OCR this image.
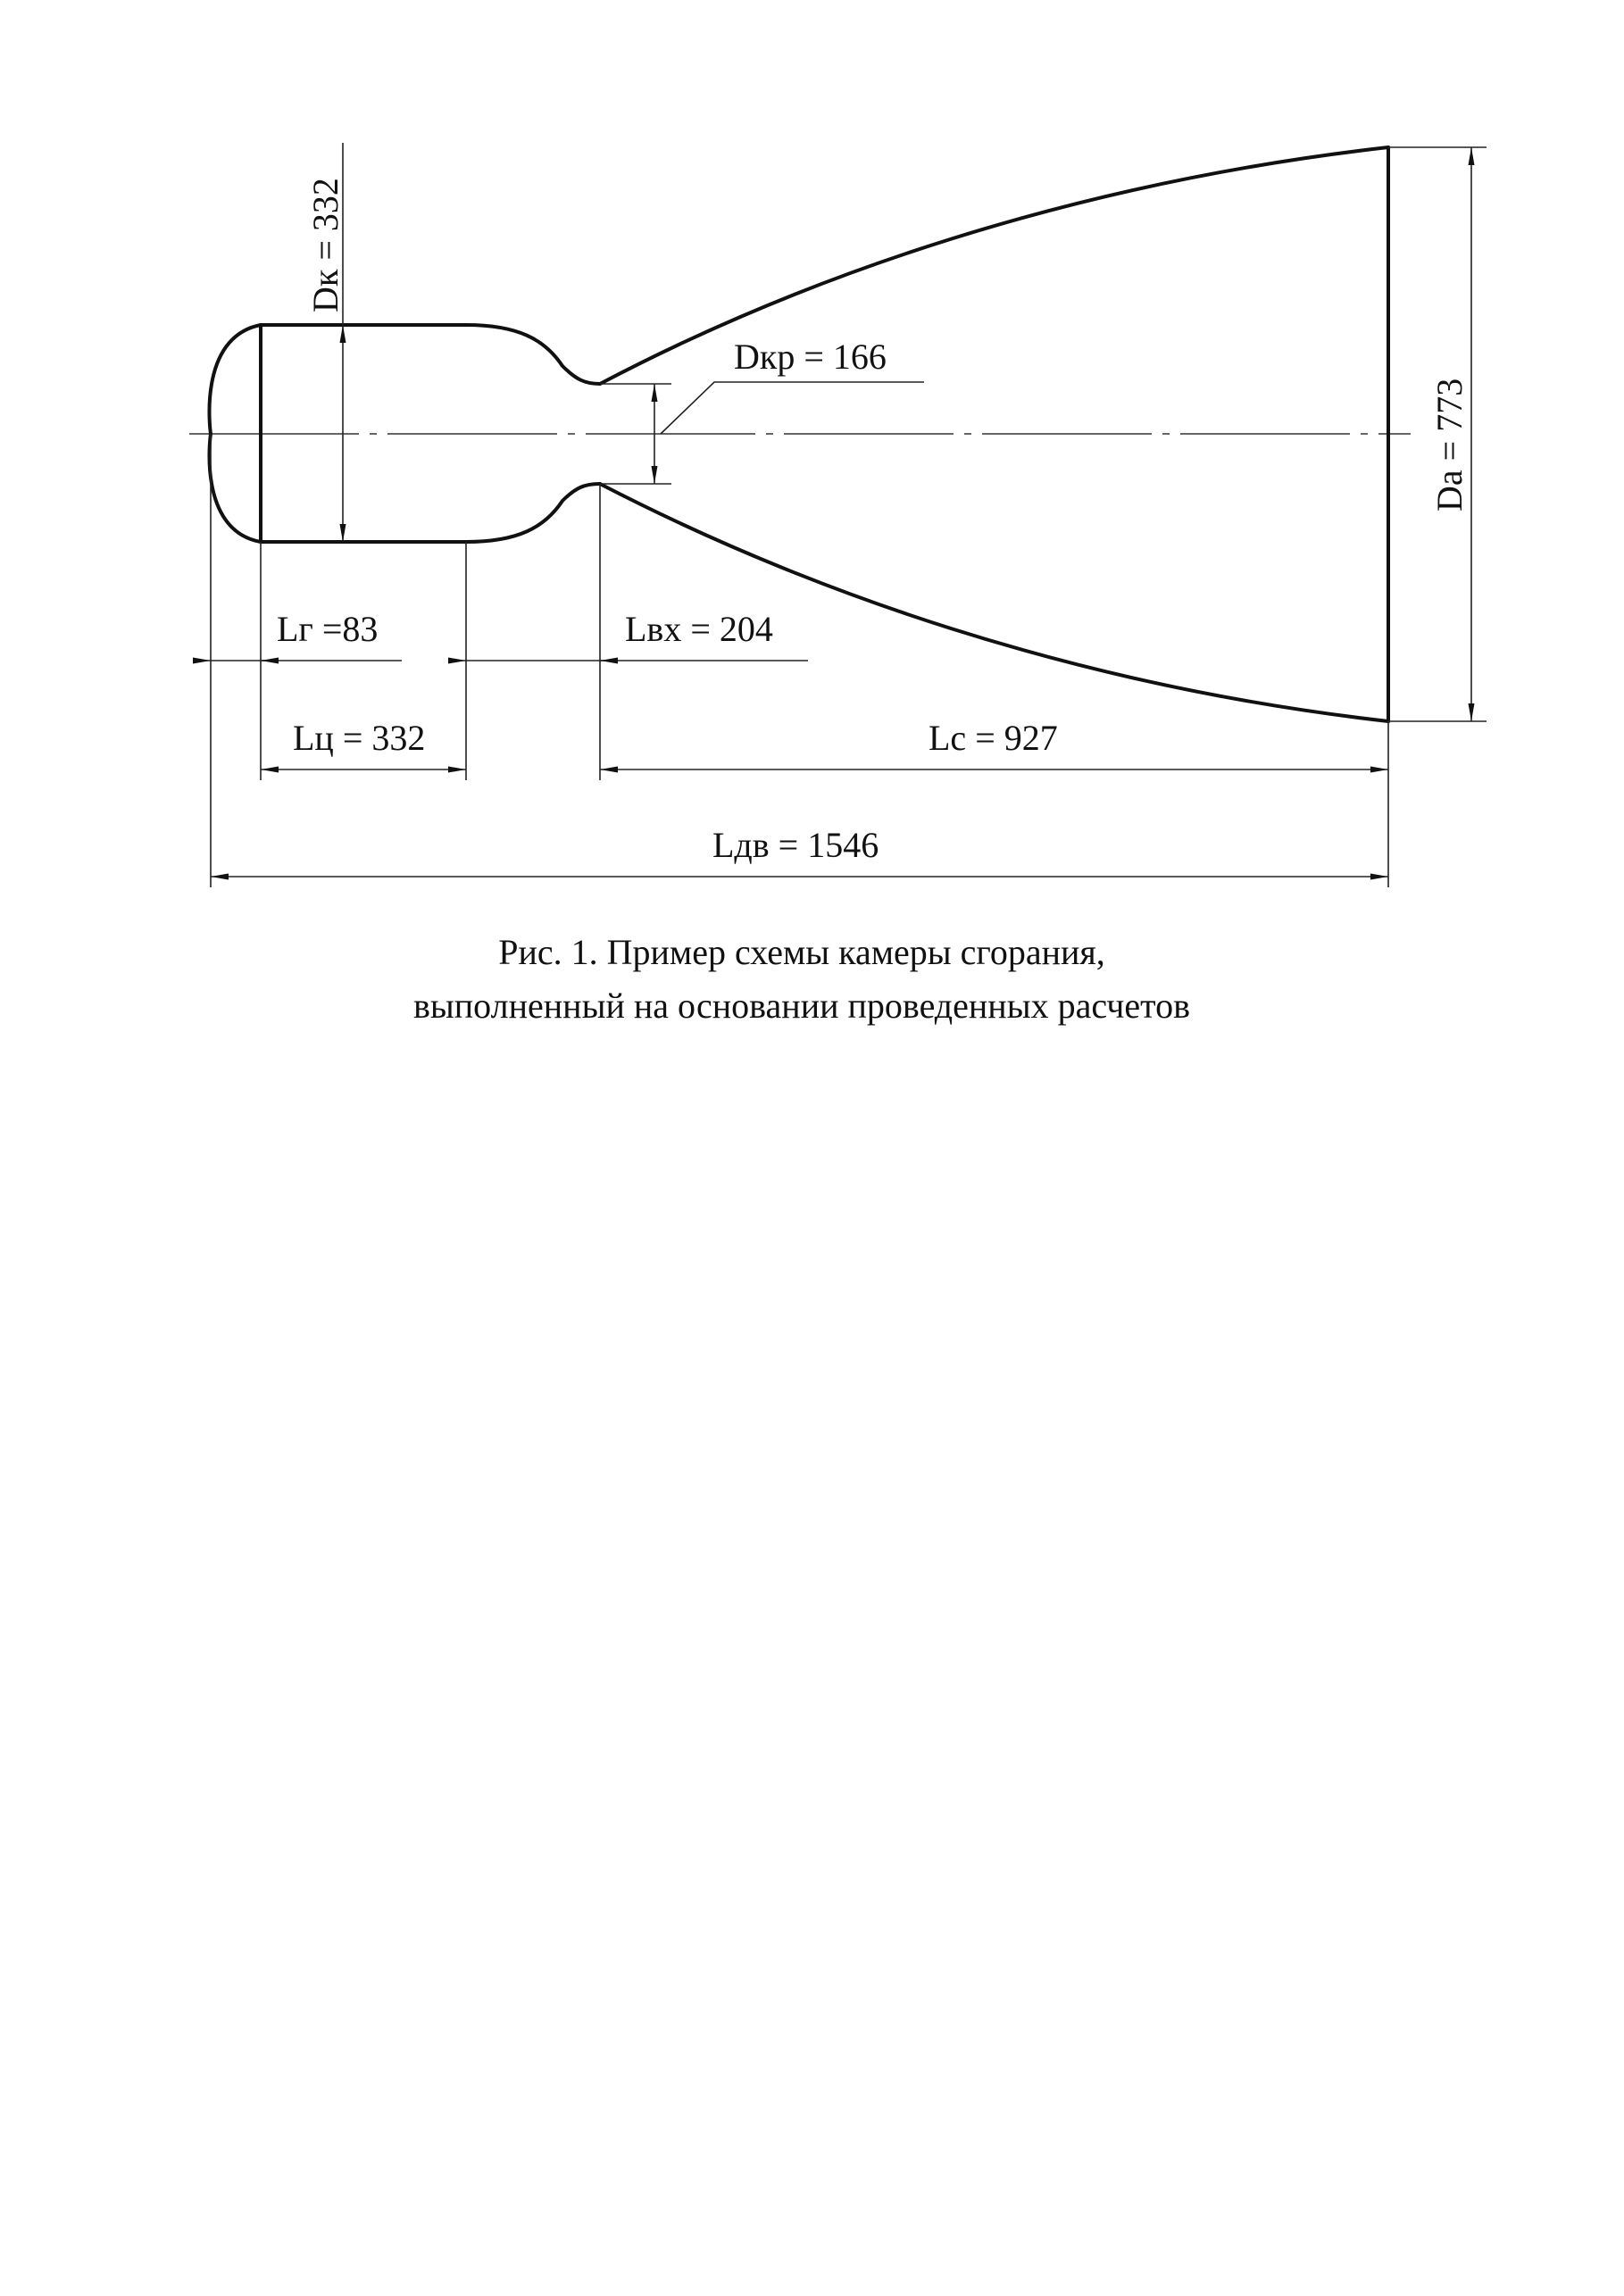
Dк = 332
Dкр = 166
Da = 773
Lг =83	Lвх = 204
Lц = 332	Lс = 927
Lдв = 1546
Рис. 1. Пример схемы камеры сгорания,
выполненный на основании проведенных расчетов
